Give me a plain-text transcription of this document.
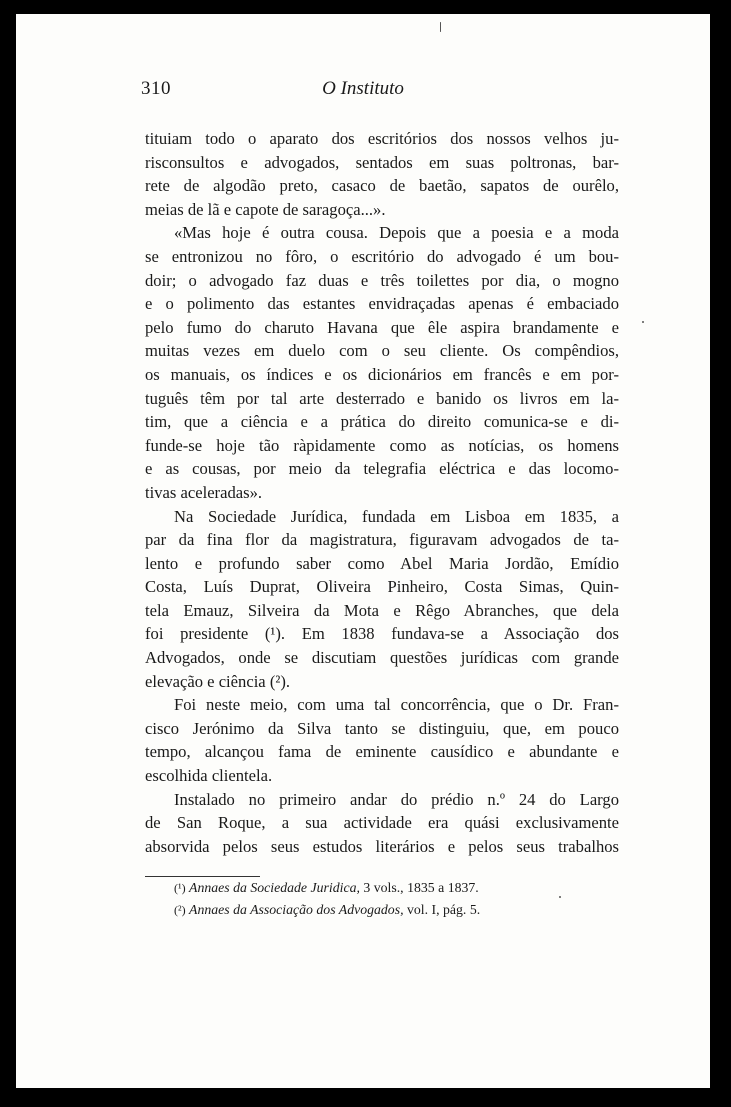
310	O Instituto

tituiam todo o aparato dos escritórios dos nossos velhos ju-
risconsultos e advogados, sentados em suas poltronas, bar-
rete de algodão preto, casaco de baetão, sapatos de ourêlo,
meias de lã e capote de saragoça...».

«Mas hoje é outra cousa. Depois que a poesia e a moda
se entronizou no fôro, o escritório do advogado é um bou-
doir; o advogado faz duas e três toilettes por dia, o mogno
e o polimento das estantes envidraçadas apenas é embaciado
pelo fumo do charuto Havana que êle aspira brandamente e
muitas vezes em duelo com o seu cliente. Os compêndios,
os manuais, os índices e os dicionários em francês e em por-
tuguês têm por tal arte desterrado e banido os livros em la-
tim, que a ciência e a prática do direito comunica-se e di-
funde-se hoje tão ràpidamente como as notícias, os homens
e as cousas, por meio da telegrafia eléctrica e das locomo-
tivas aceleradas».

Na Sociedade Jurídica, fundada em Lisboa em 1835, a
par da fina flor da magistratura, figuravam advogados de ta-
lento e profundo saber como Abel Maria Jordão, Emídio
Costa, Luís Duprat, Oliveira Pinheiro, Costa Simas, Quin-
tela Emauz, Silveira da Mota e Rêgo Abranches, que dela
foi presidente (¹). Em 1838 fundava-se a Associação dos
Advogados, onde se discutiam questões jurídicas com grande
elevação e ciência (²).

Foi neste meio, com uma tal concorrência, que o Dr. Fran-
cisco Jerónimo da Silva tanto se distinguiu, que, em pouco
tempo, alcançou fama de eminente causídico e abundante e
escolhida clientela.

Instalado no primeiro andar do prédio n.º 24 do Largo
de San Roque, a sua actividade era quási exclusivamente
absorvida pelos seus estudos literários e pelos seus trabalhos

(¹) Annaes da Sociedade Juridica, 3 vols., 1835 a 1837.

(²) Annaes da Associação dos Advogados, vol. I, pág. 5.
